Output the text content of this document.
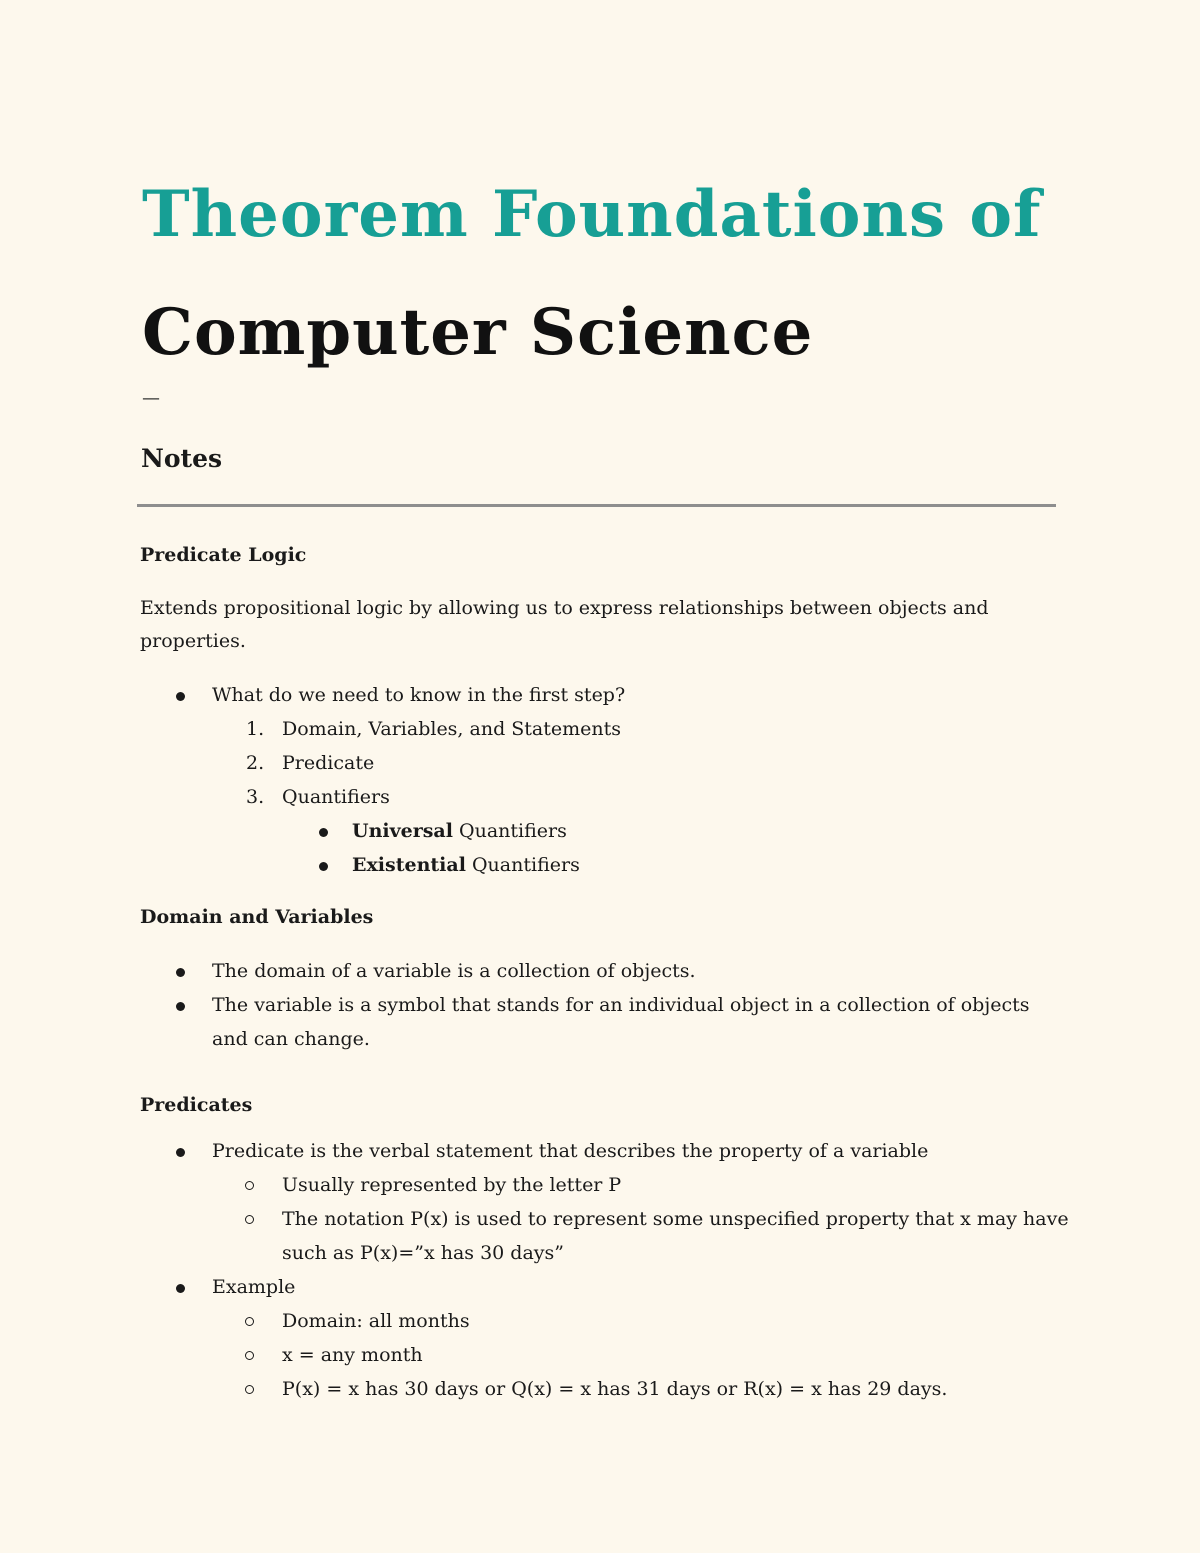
Theorem Foundations of
Computer Science
—
Notes

Predicate Logic

Extends propositional logic by allowing us to express relationships between objects and properties.

What do we need to know in the first step?
1. Domain, Variables, and Statements
2. Predicate
3. Quantifiers
Universal Quantifiers
Existential Quantifiers

Domain and Variables

The domain of a variable is a collection of objects.
The variable is a symbol that stands for an individual object in a collection of objects and can change.

Predicates

Predicate is the verbal statement that describes the property of a variable
Usually represented by the letter P
The notation P(x) is used to represent some unspecified property that x may have such as P(x)=”x has 30 days”
Example
Domain: all months
x = any month
P(x) = x has 30 days or Q(x) = x has 31 days or R(x) = x has 29 days.
